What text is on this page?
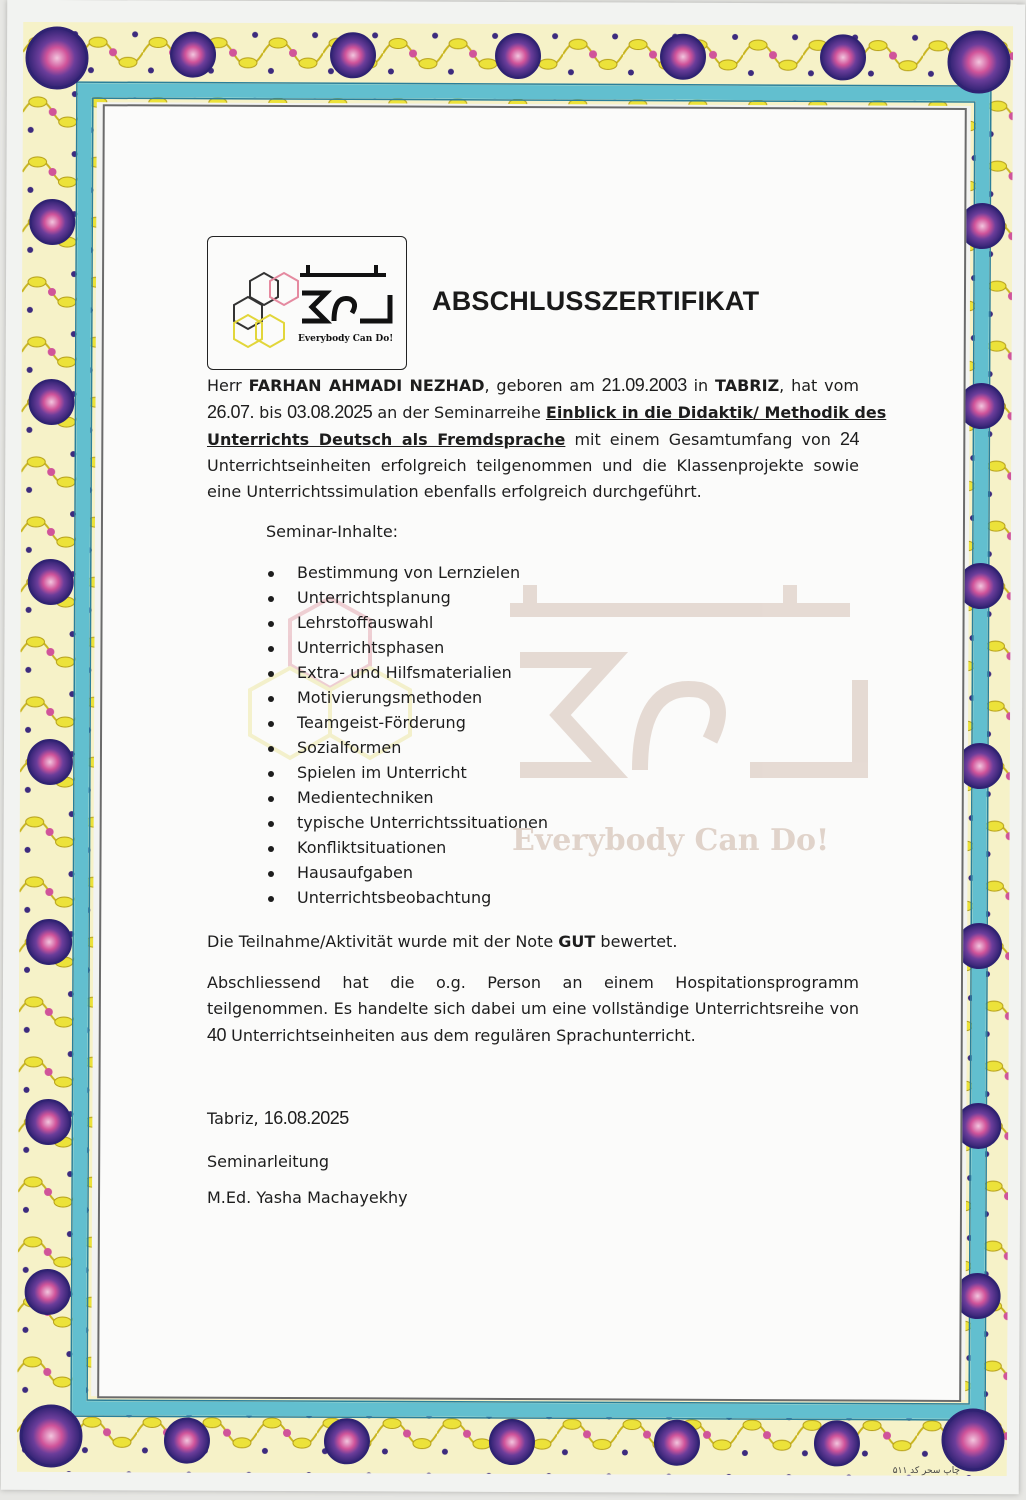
Everybody Can Do!
Everybody Can Do!
ABSCHLUSSZERTIFIKAT
Herr FARHAN AHMADI NEZHAD, geboren am 21.09.2003 in TABRIZ, hat vom
26.07. bis 03.08.2025 an der Seminarreihe Einblick in die Didaktik/ Methodik des
Unterrichts Deutsch als Fremdsprache mit einem Gesamtumfang von 24
Unterrichtseinheiten erfolgreich teilgenommen und die Klassenprojekte sowie
eine Unterrichtssimulation ebenfalls erfolgreich durchgeführt.
Seminar-Inhalte:
Bestimmung von Lernzielen
Unterrichtsplanung
Lehrstoffauswahl
Unterrichtsphasen
Extra- und Hilfsmaterialien
Motivierungsmethoden
Teamgeist-Förderung
Sozialformen
Spielen im Unterricht
Medientechniken
typische Unterrichtssituationen
Konfliktsituationen
Hausaufgaben
Unterrichtsbeobachtung
Die Teilnahme/Aktivität wurde mit der Note GUT bewertet.
Abschliessend hat die o.g. Person an einem Hospitationsprogramm
teilgenommen. Es handelte sich dabei um eine vollständige Unterrichtsreihe von
40 Unterrichtseinheiten aus dem regulären Sprachunterricht.
Tabriz, 16.08.2025
Seminarleitung
M.Ed. Yasha Machayekhy
چاپ سحر کد ۵۱۱
